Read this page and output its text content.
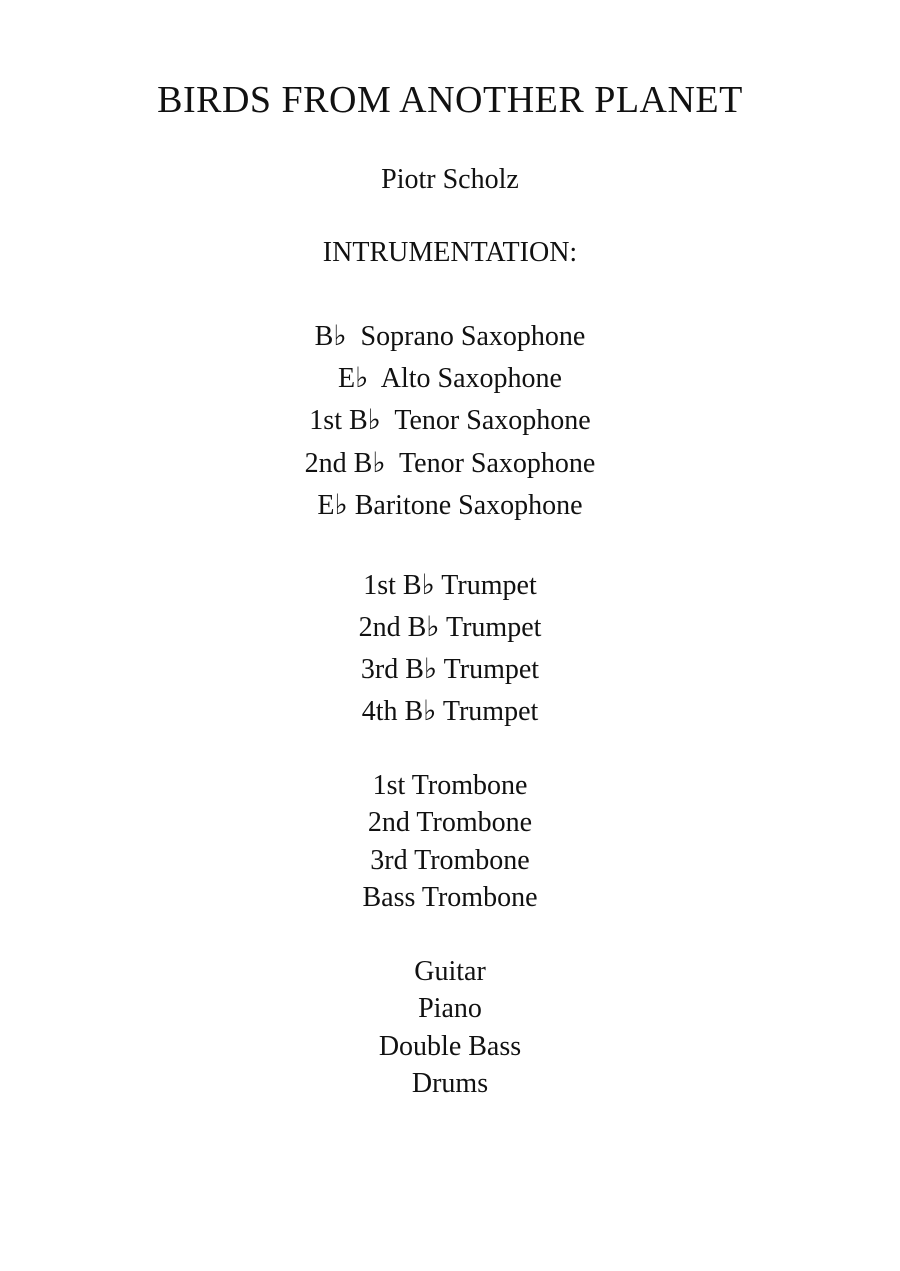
BIRDS FROM ANOTHER PLANET

Piotr Scholz

INTRUMENTATION:
B♭  Soprano Saxophone
E♭  Alto Saxophone
1st B♭  Tenor Saxophone
2nd B♭  Tenor Saxophone
E♭ Baritone Saxophone
1st B♭ Trumpet
2nd B♭ Trumpet
3rd B♭ Trumpet
4th B♭ Trumpet
1st Trombone
2nd Trombone
3rd Trombone
Bass Trombone
Guitar
Piano
Double Bass
Drums
